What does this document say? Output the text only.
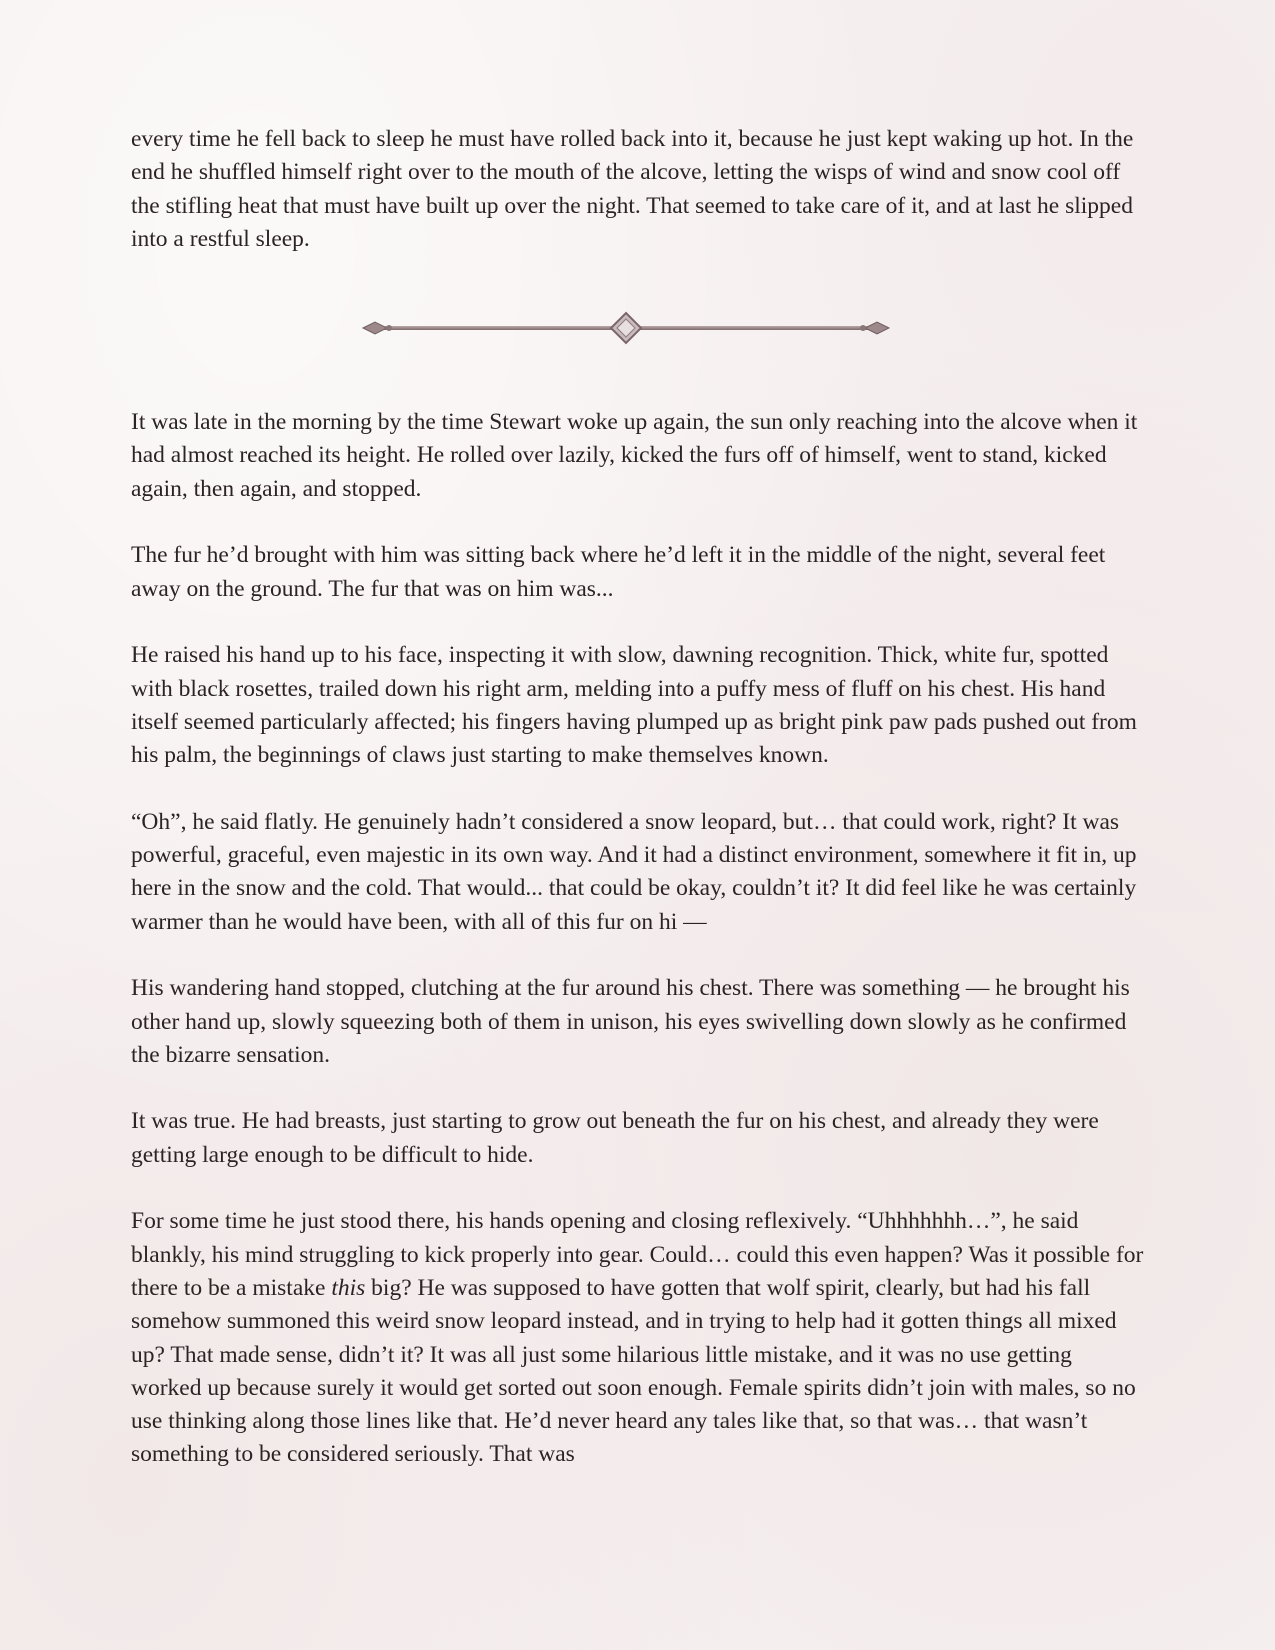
every time he fell back to sleep he must have rolled back into it, because he just kept waking up hot. In the end he shuffled himself right over to the mouth of the alcove, letting the wisps of wind and snow cool off the stifling heat that must have built up over the night. That seemed to take care of it, and at last he slipped into a restful sleep.

It was late in the morning by the time Stewart woke up again, the sun only reaching into the alcove when it had almost reached its height. He rolled over lazily, kicked the furs off of himself, went to stand, kicked again, then again, and stopped.

The fur he’d brought with him was sitting back where he’d left it in the middle of the night, several feet away on the ground. The fur that was on him was...

He raised his hand up to his face, inspecting it with slow, dawning recognition. Thick, white fur, spotted with black rosettes, trailed down his right arm, melding into a puffy mess of fluff on his chest. His hand itself seemed particularly affected; his fingers having plumped up as bright pink paw pads pushed out from his palm, the beginnings of claws just starting to make themselves known.

“Oh”, he said flatly. He genuinely hadn’t considered a snow leopard, but… that could work, right? It was powerful, graceful, even majestic in its own way. And it had a distinct environment, somewhere it fit in, up here in the snow and the cold. That would... that could be okay, couldn’t it? It did feel like he was certainly warmer than he would have been, with all of this fur on hi —

His wandering hand stopped, clutching at the fur around his chest. There was something — he brought his other hand up, slowly squeezing both of them in unison, his eyes swivelling down slowly as he confirmed the bizarre sensation.

It was true. He had breasts, just starting to grow out beneath the fur on his chest, and already they were getting large enough to be difficult to hide.

For some time he just stood there, his hands opening and closing reflexively. “Uhhhhhhh…”, he said blankly, his mind struggling to kick properly into gear. Could… could this even happen? Was it possible for there to be a mistake this big? He was supposed to have gotten that wolf spirit, clearly, but had his fall somehow summoned this weird snow leopard instead, and in trying to help had it gotten things all mixed up? That made sense, didn’t it? It was all just some hilarious little mistake, and it was no use getting worked up because surely it would get sorted out soon enough. Female spirits didn’t join with males, so no use thinking along those lines like that. He’d never heard any tales like that, so that was… that wasn’t something to be considered seriously. That was
